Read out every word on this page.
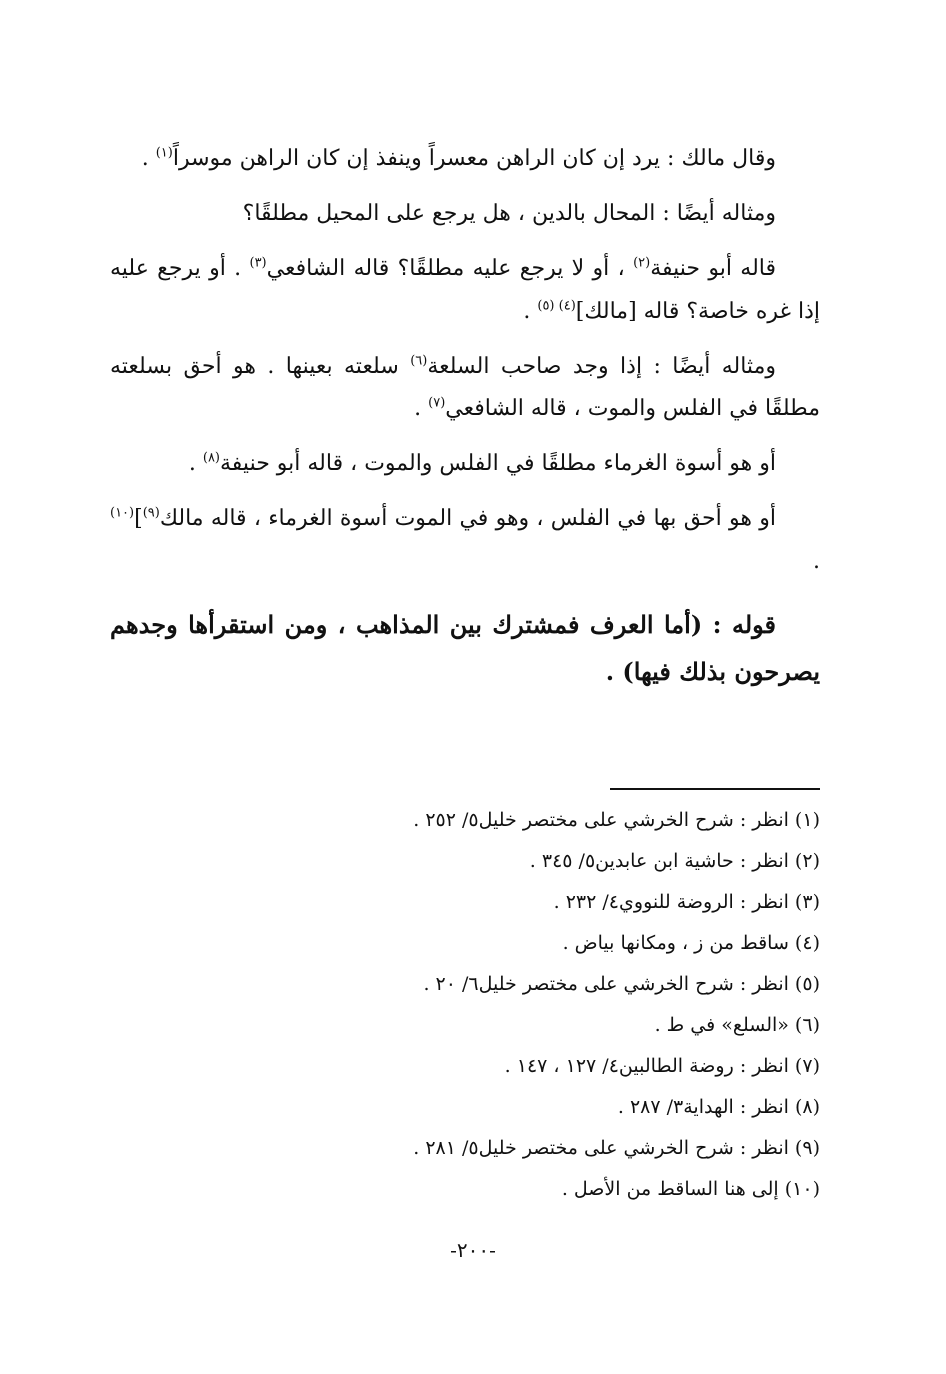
وقال مالك : يرد إن كان الراهن معسراً وينفذ إن كان الراهن موسراً$^{(١)}$ .

ومثاله أيضًا : المحال بالدين ، هل يرجع على المحيل مطلقًا؟

قاله أبو حنيفة$^{(٢)}$ ، أو لا يرجع عليه مطلقًا؟ قاله الشافعي$^{(٣)}$ . أو يرجع عليه إذا غره خاصة؟ قاله [مالك]$^{(٤) (٥)}$ .

ومثاله أيضًا : إذا وجد صاحب السلعة$^{(٦)}$ سلعته بعينها . هو أحق بسلعته مطلقًا في الفلس والموت ، قاله الشافعي$^{(٧)}$ .

أو هو أسوة الغرماء مطلقًا في الفلس والموت ، قاله أبو حنيفة$^{(٨)}$ .

أو هو أحق بها في الفلس ، وهو في الموت أسوة الغرماء ، قاله مالك$^{(٩)}$]$^{(١٠)}$ .

قوله : (أما العرف فمشترك بين المذاهب ، ومن استقرأها وجدهم يصرحون بذلك فيها) .

(١) انظر : شرح الخرشي على مختصر خليل٥/ ٢٥٢ .
(٢) انظر : حاشية ابن عابدين٥/ ٣٤٥ .
(٣) انظر : الروضة للنووي٤/ ٢٣٢ .
(٤) ساقط من ز ، ومكانها بياض .
(٥) انظر : شرح الخرشي على مختصر خليل٦/ ٢٠ .
(٦) «السلع» في ط .
(٧) انظر : روضة الطالبين٤/ ١٢٧ ، ١٤٧ .
(٨) انظر : الهداية٣/ ٢٨٧ .
(٩) انظر : شرح الخرشي على مختصر خليل٥/ ٢٨١ .
(١٠) إلى هنا الساقط من الأصل .
-٢٠٠-
